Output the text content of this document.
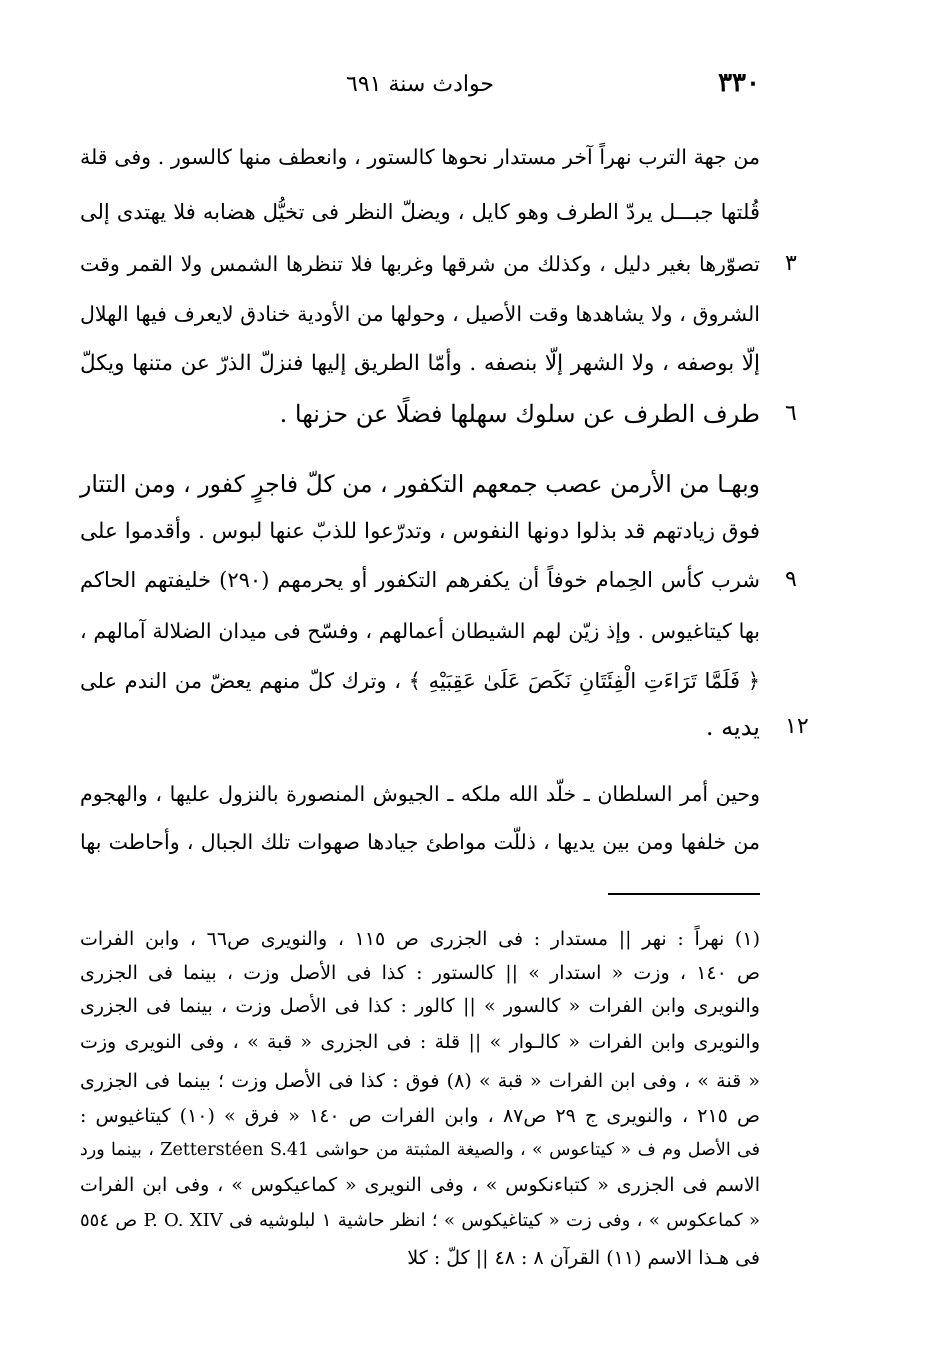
٣٣٠
حوادث سنة ٦٩١
من جهة الترب نهراً آخر مستدار نحوها كالستور ، وانعطف منها كالسور . وفى قلة
قُلتها جبـــل يردّ الطرف وهو كايل ، ويضلّ النظر فى تخيُّل هضابه فلا يهتدى إلى
تصوّرها بغير دليل ، وكذلك من شرقها وغربها فلا تنظرها الشمس ولا القمر وقت ٣
الشروق ، ولا يشاهدها وقت الأصيل ، وحولها من الأودية خنادق لايعرف فيها الهلال
إلّا بوصفه ، ولا الشهر إلّا بنصفه . وأمّا الطريق إليها فنزلّ الذرّ عن متنها ويكلّ
طرف الطرف عن سلوك سهلها فضلًا عن حزنها . ٦
وبهـا من الأرمن عصب جمعهم التكفور ، من كلّ فاجرٍ كفور ، ومن التتار
فوق زيادتهم قد بذلوا دونها النفوس ، وتدرّعوا للذبّ عنها لبوس . وأقدموا على
شرب كأس الحِمام خوفاً أن يكفرهم التكفور أو يحرمهم (٢٩٠) خليفتهم الحاكم ٩
بها كيتاغيوس . وإذ زيّن لهم الشيطان أعمالهم ، وفسّح فى ميدان الضلالة آمالهم ،
﴿ فَلَمَّا تَرَاءَتِ الْفِئَتَانِ نَكَصَ عَلَىٰ عَقِبَيْهِ ﴾ ، وترك كلّ منهم يعضّ من الندم على
يديه . ١٢
وحين أمر السلطان ـ خلّد الله ملكه ـ الجيوش المنصورة بالنزول عليها ، والهجوم
من خلفها ومن بين يديها ، ذللّت مواطئ جيادها صهوات تلك الجبال ، وأحاطت بها
(١) نهراً : نهر || مستدار : فى الجزرى ص ١١٥ ، والنويرى ص٦٦ ، وابن الفرات
ص ١٤٠ ، وزت « استدار » || كالستور : كذا فى الأصل وزت ، بينما فى الجزرى
والنويرى وابن الفرات « كالسور » || كالور : كذا فى الأصل وزت ، بينما فى الجزرى
والنويرى وابن الفرات « كالـوار » || قلة : فى الجزرى « قبة » ، وفى النويرى وزت
« قنة » ، وفى ابن الفرات « قبة » (٨) فوق : كذا فى الأصل وزت ؛ بينما فى الجزرى
ص ٢١٥ ، والنويرى ج ٢٩ ص٨٧ ، وابن الفرات ص ١٤٠ « فرق » (١٠) كيتاغيوس :
فى الأصل وم ف « كيتاعوس » ، والصيغة المثبتة من حواشى Zetterstéen S.41 ، بينما ورد
الاسم فى الجزرى « كتباءنكوس » ، وفى النويرى « كماعيكوس » ، وفى ابن الفرات
« كماعكوس » ، وفى زت « كيتاغيكوس » ؛ انظر حاشية ١ لبلوشيه فى P. O. XIV ص ٥٥٤
فى هـذا الاسم (١١) القرآن ٨ : ٤٨ || كلّ : كلا
